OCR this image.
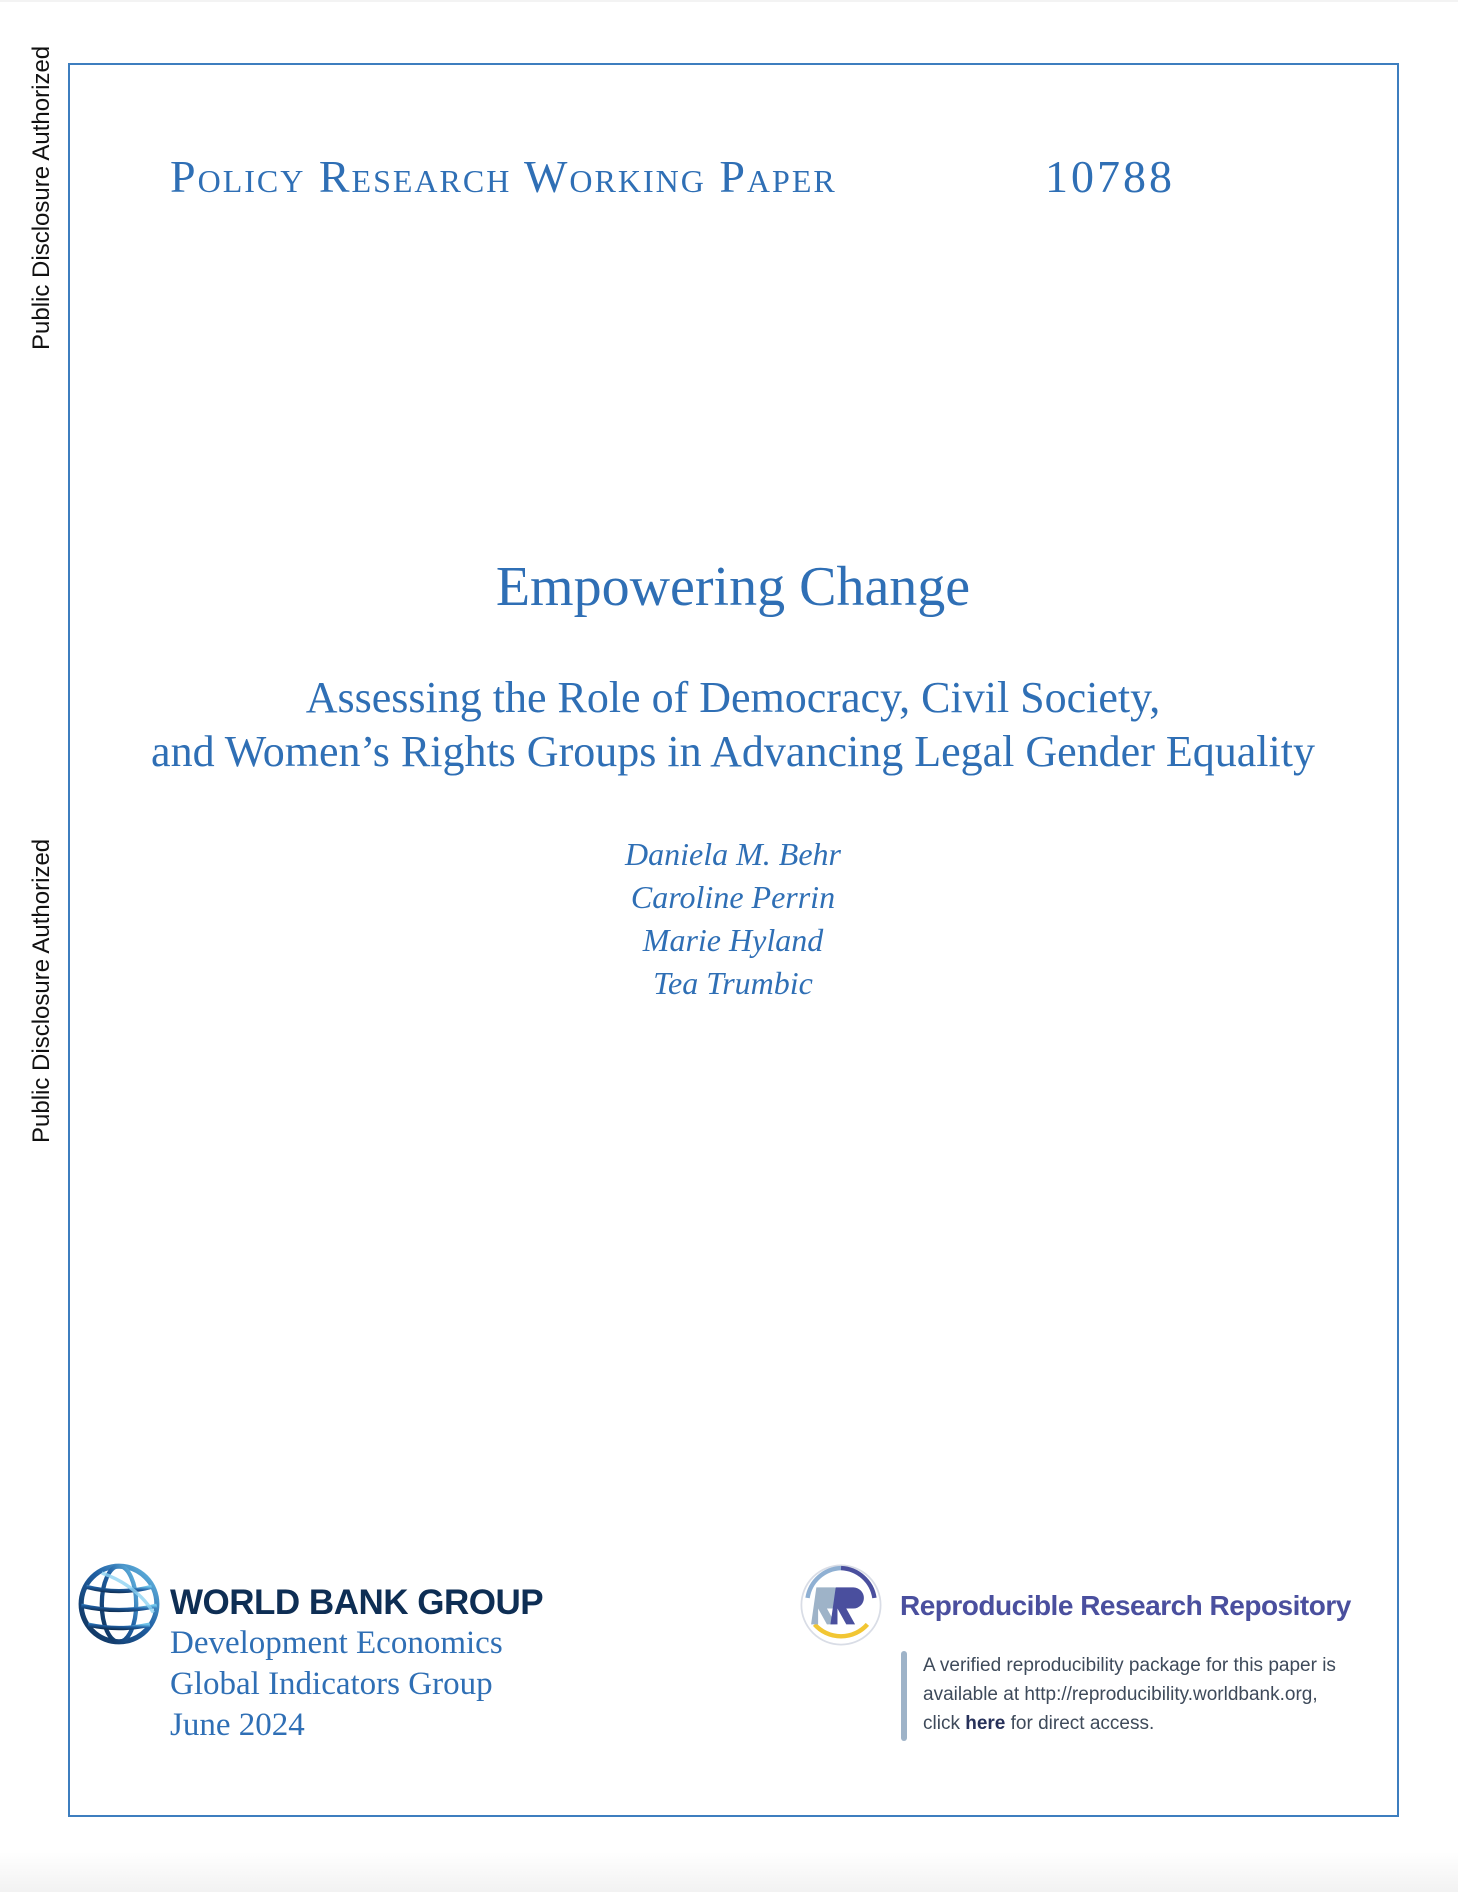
Public Disclosure Authorized
Public Disclosure Authorized
Policy Research Working Paper	10788
Empowering Change
Assessing the Role of Democracy, Civil Society,
and Women’s Rights Groups in Advancing Legal Gender Equality
Daniela M. Behr
Caroline Perrin
Marie Hyland
Tea Trumbic
WORLD BANK GROUP
Development Economics
Global Indicators Group
June 2024
Reproducible Research Repository
A verified reproducibility package for this paper is
available at http://reproducibility.worldbank.org,
click here for direct access.
